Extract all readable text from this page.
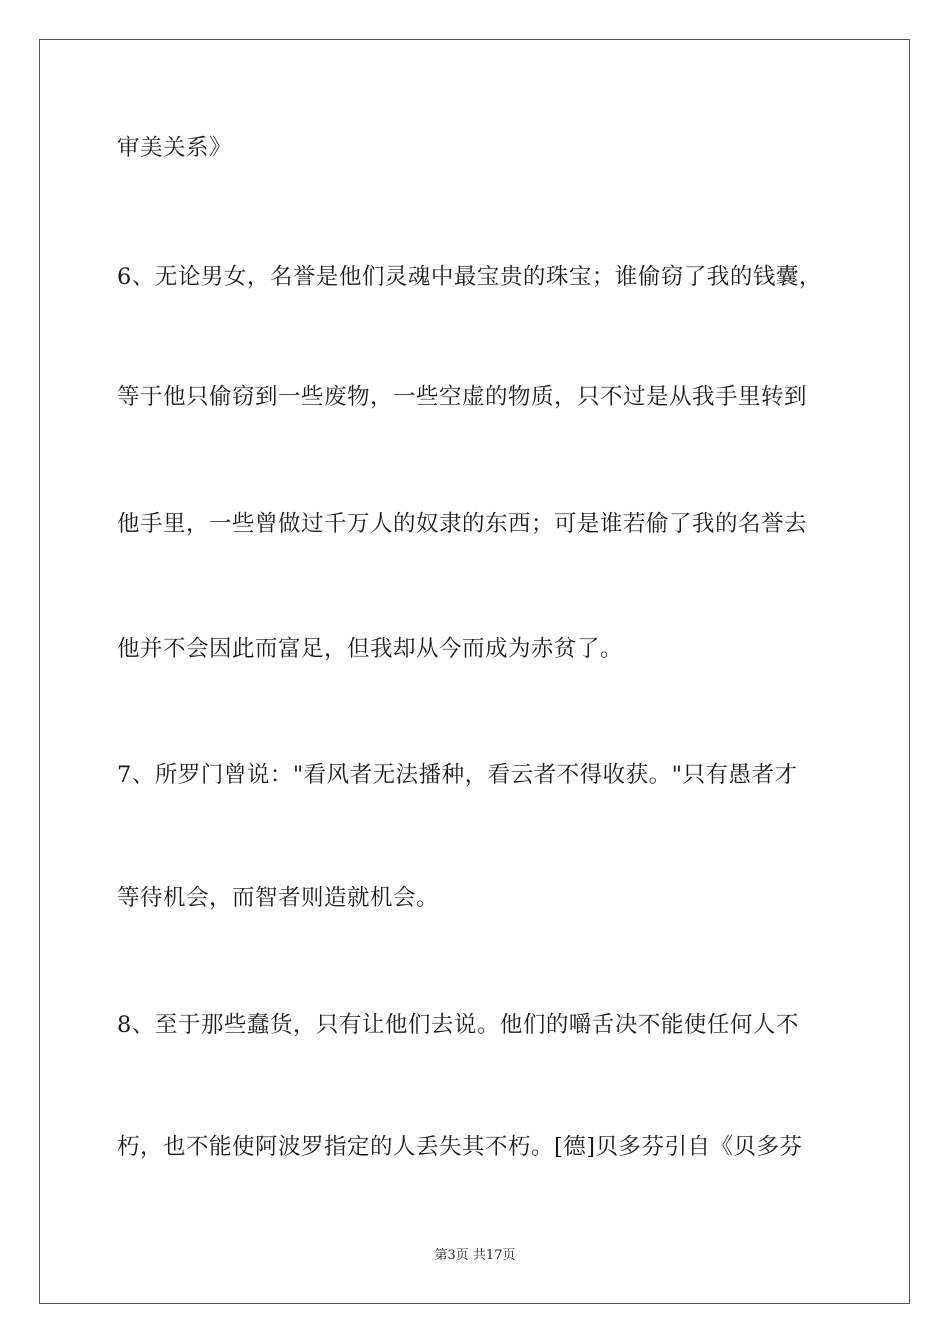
审美关系》
6、无论男女，名誉是他们灵魂中最宝贵的珠宝；谁偷窃了我的钱囊，
等于他只偷窃到一些废物，一些空虚的物质，只不过是从我手里转到
他手里，一些曾做过千万人的奴隶的东西；可是谁若偷了我的名誉去
他并不会因此而富足，但我却从今而成为赤贫了。
7、所罗门曾说："看风者无法播种，看云者不得收获。"只有愚者才
等待机会，而智者则造就机会。
8、至于那些蠢货，只有让他们去说。他们的嚼舌决不能使任何人不
朽，也不能使阿波罗指定的人丢失其不朽。[德]贝多芬引自《贝多芬
第3页 共17页
